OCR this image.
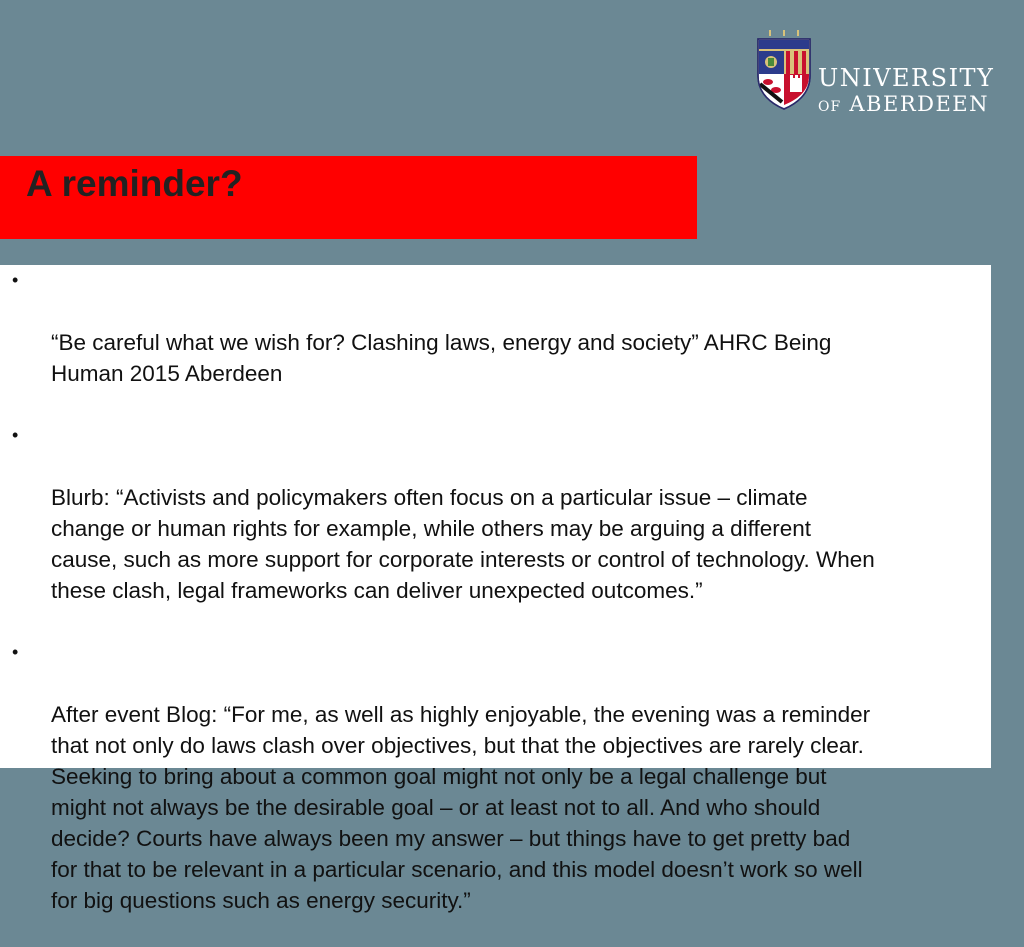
UNIVERSITY
OF ABERDEEN
A reminder?

•

“Be careful what we wish for? Clashing laws, energy and society” AHRC Being
Human 2015 Aberdeen

•

Blurb: “Activists and policymakers often focus on a particular issue – climate
change or human rights for example, while others may be arguing a different
cause, such as more support for corporate interests or control of technology. When
these clash, legal frameworks can deliver unexpected outcomes.”

•

After event Blog: “For me, as well as highly enjoyable, the evening was a reminder
that not only do laws clash over objectives, but that the objectives are rarely clear.
Seeking to bring about a common goal might not only be a legal challenge but
might not always be the desirable goal – or at least not to all. And who should
decide? Courts have always been my answer – but things have to get pretty bad
for that to be relevant in a particular scenario, and this model doesn’t work so well
for big questions such as energy security.”
